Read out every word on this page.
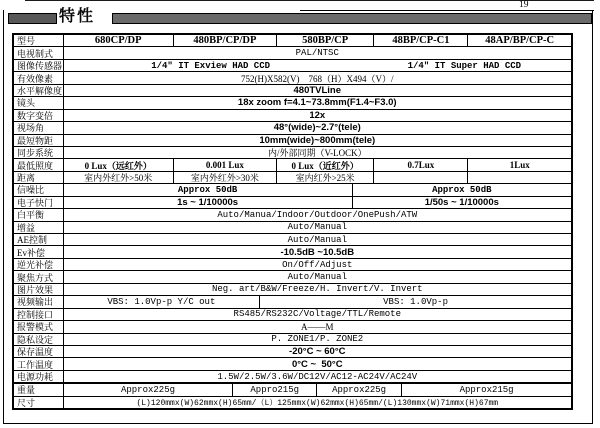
19
特性
型号	680CP/DP	480BP/CP/DP	580BP/CP	48BP/CP-C1	48AP/BP/CP-C
电视制式	PAL/NTSC
图像传感器	1/4" IT Exview HAD CCD	1/4" IT Super HAD CCD
有效像素	752(H)X582(V)　768（H）X494（V）/
水平解像度	480TVLine
镜头	18x zoom f=4.1~73.8mm(F1.4~F3.0)
数字变倍	12x
视场角	48°(wide)~2.7°(tele)
最短物距	10mm(wide)~800mm(tele)
同步系统	内/外部同期（V-LOCK）
最低照度	0 Lux（远红外）	0.001 Lux	0 Lux（近红外）	0.7Lux	1Lux
距离	室内外红外>50米	室内外红外>30米	室内红外>25米
信噪比	Approx 50dB	Approx 50dB
电子快门	1s ~ 1/10000s	1/50s ~ 1/10000s
白平衡	Auto/Manua/Indoor/Outdoor/OnePush/ATW
增益	Auto/Manual
AE控制	Auto/Manual
Ev补偿	-10.5dB ~10.5dB
逆光补偿	On/Off/Adjust
聚焦方式	Auto/Manual
图片效果	Neg. art/B&W/Freeze/H. Invert/V. Invert
视频输出	VBS: 1.0Vp-p Y/C out	VBS: 1.0Vp-p
控制接口	RS485/RS232C/Voltage/TTL/Remote
报警模式	A——M
隐私设定	P. ZONE1/P. ZONE2
保存温度	-20°C ~ 60°C
工作温度	0°C ~  50°C
电源功耗	1.5W/2.5W/3.6W/DC12V/AC12-AC24V/AC24V
重量	Approx225g	Appro215g	Approx225g	Approx215g
尺寸	(L)120mmx(W)62mmx(H)65mm/（L）125mmx(W)62mmx(H)65mm/(L)130mmx(W)71mmx(H)67mm
